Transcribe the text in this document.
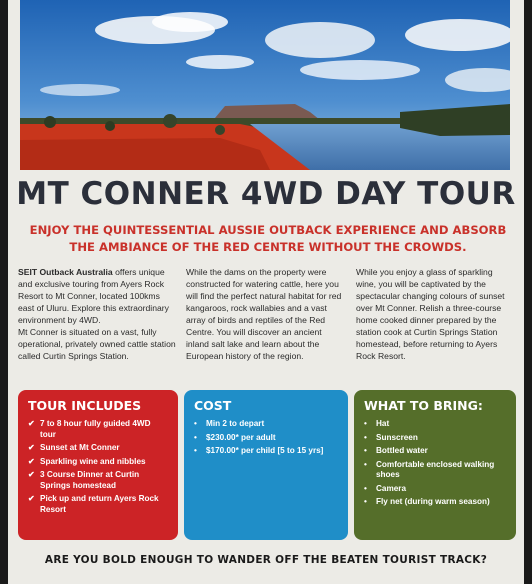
MT CONNER 4WD DAY TOUR
ENJOY THE QUINTESSENTIAL AUSSIE OUTBACK EXPERIENCE AND ABSORB THE AMBIANCE OF THE RED CENTRE WITHOUT THE CROWDS.

SEIT Outback Australia offers unique and exclusive touring from Ayers Rock Resort to Mt Conner, located 100kms east of Uluru. Explore this extraordinary environment by 4WD.

Mt Conner is situated on a vast, fully operational, privately owned cattle station called Curtin Springs Station.

While the dams on the property were constructed for watering cattle, here you will find the perfect natural habitat for red kangaroos, rock wallabies and a vast array of birds and reptiles of the Red Centre. You will discover an ancient inland salt lake and learn about the European history of the region.

While you enjoy a glass of sparkling wine, you will be captivated by the spectacular changing colours of sunset over Mt Conner. Relish a three-course home cooked dinner prepared by the station cook at Curtin Springs Station homestead, before returning to Ayers Rock Resort.

TOUR INCLUDES
✔ 7 to 8 hour fully guided 4WD tour
✔ Sunset at Mt Conner
✔ Sparkling wine and nibbles
✔ 3 Course Dinner at Curtin Springs homestead
✔ Pick up and return Ayers Rock Resort
COST
• Min 2 to depart
• $230.00* per adult
• $170.00* per child [5 to 15 yrs]
WHAT TO BRING:
• Hat
• Sunscreen
• Bottled water
• Comfortable enclosed walking shoes
• Camera
• Fly net (during warm season)
ARE YOU BOLD ENOUGH TO WANDER OFF THE BEATEN TOURIST TRACK?
